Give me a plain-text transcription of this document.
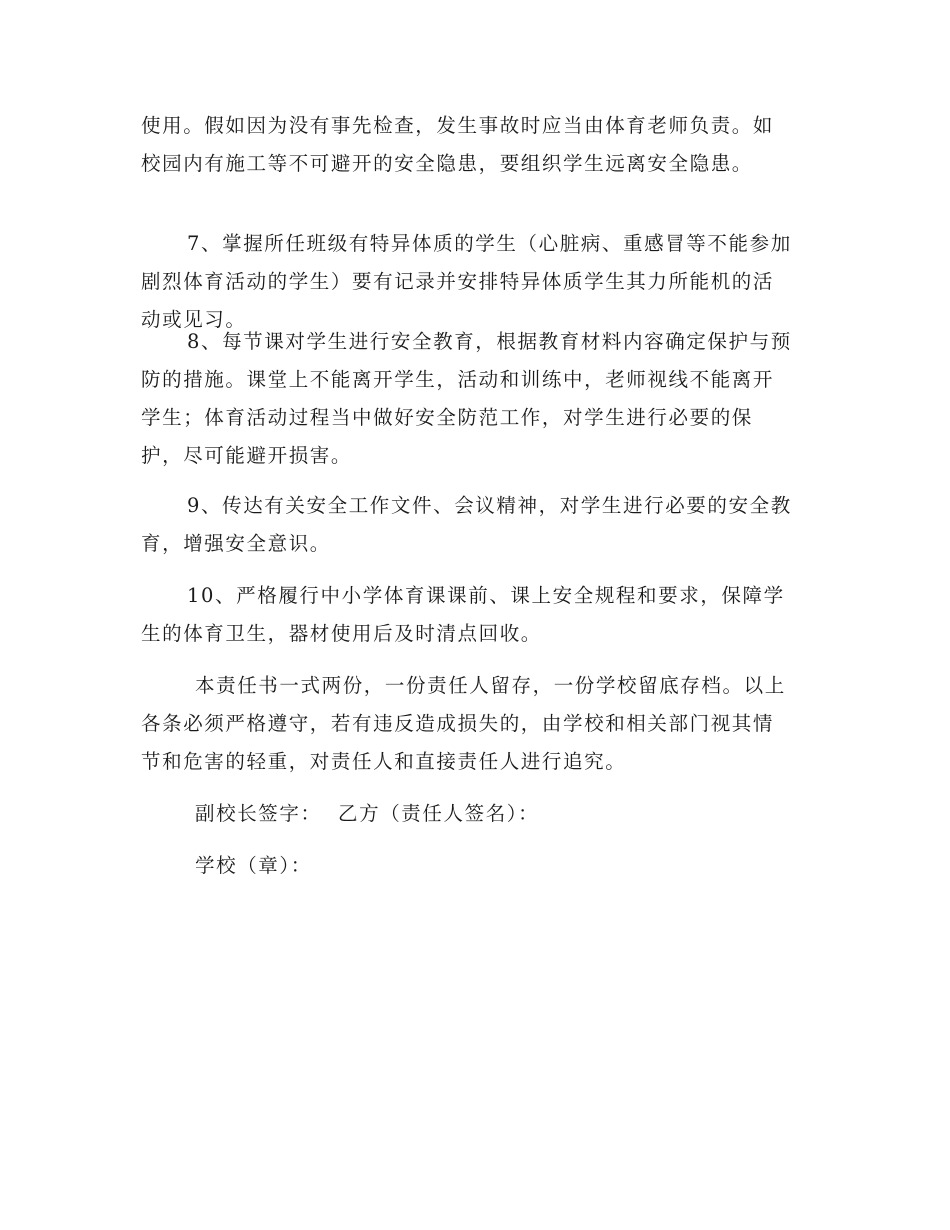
使用。假如因为没有事先检查，发生事故时应当由体育老师负责。如
校园内有施工等不可避开的安全隐患，要组织学生远离安全隐患。
7、掌握所任班级有特异体质的学生（心脏病、重感冒等不能参加
剧烈体育活动的学生）要有记录并安排特异体质学生其力所能机的活
动或见习。
8、每节课对学生进行安全教育，根据教育材料内容确定保护与预
防的措施。课堂上不能离开学生，活动和训练中，老师视线不能离开
学生；体育活动过程当中做好安全防范工作，对学生进行必要的保
护，尽可能避开损害。
9、传达有关安全工作文件、会议精神，对学生进行必要的安全教
育，增强安全意识。
10、严格履行中小学体育课课前、课上安全规程和要求，保障学
生的体育卫生，器材使用后及时清点回收。
本责任书一式两份，一份责任人留存，一份学校留底存档。以上
各条必须严格遵守，若有违反造成损失的，由学校和相关部门视其情
节和危害的轻重，对责任人和直接责任人进行追究。
副校长签字： 乙方（责任人签名）：
学校（章）：
